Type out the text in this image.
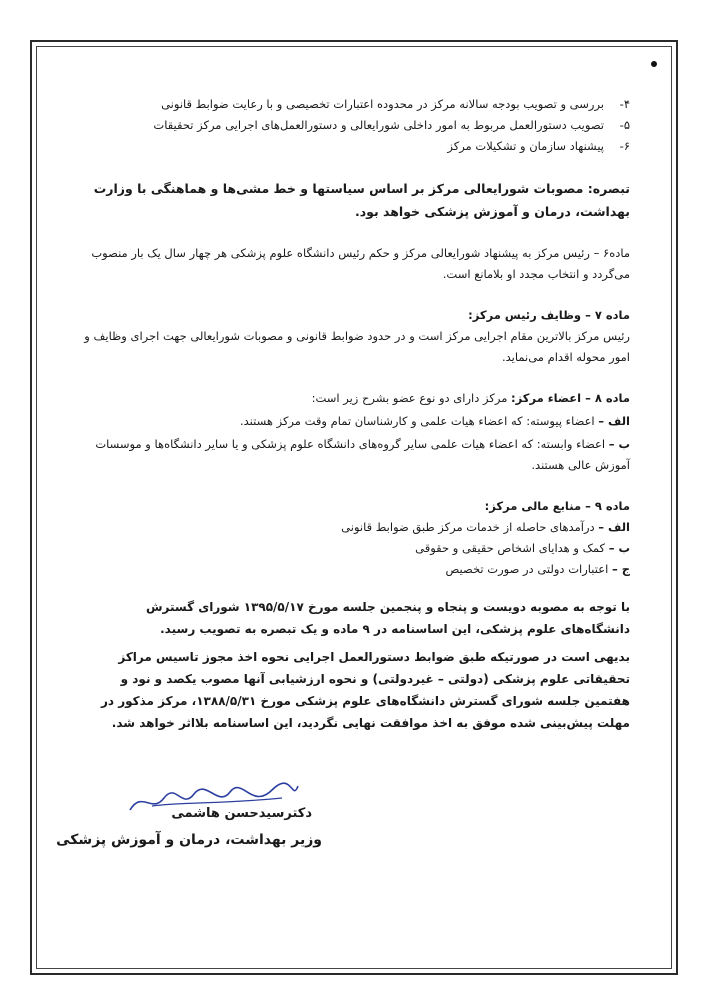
۴-
بررسی و تصویب بودجه سالانه مرکز در محدوده اعتبارات تخصیصی و با رعایت ضوابط قانونی
۵-
تصویب دستورالعمل مربوط به امور داخلی شورایعالی و دستورالعمل‌های اجرایی مرکز تحقیقات
۶-
پیشنهاد سازمان و تشکیلات مرکز
تبصره: مصوبات شورایعالی مرکز بر اساس سیاستها و خط مشی‌ها و هماهنگی با وزارت بهداشت، درمان و آموزش پزشکی خواهد بود.
ماده۶ – رئیس مرکز به پیشنهاد شورایعالی مرکز و حکم رئیس دانشگاه علوم پزشکی هر چهار سال یک بار منصوب می‌گردد و انتخاب مجدد او بلامانع است.
ماده ۷ – وظایف رئیس مرکز:
رئیس مرکز بالاترین مقام اجرایی مرکز است و در حدود ضوابط قانونی و مصوبات شورایعالی جهت اجرای وظایف و امور محوله اقدام می‌نماید.
ماده ۸ – اعضاء مرکز: مرکز دارای دو نوع عضو بشرح زیر است:
الف – اعضاء پیوسته: که اعضاء هیات علمی و کارشناسان تمام وقت مرکز هستند.
ب – اعضاء وابسته: که اعضاء هیات علمی سایر گروه‌های دانشگاه علوم پزشکی و یا سایر دانشگاه‌ها و موسسات آموزش عالی هستند.
ماده ۹ – منابع مالی مرکز:
الف – درآمدهای حاصله از خدمات مرکز طبق ضوابط قانونی
ب – کمک و هدایای اشخاص حقیقی و حقوقی
ج – اعتبارات دولتی در صورت تخصیص
با توجه به مصوبه دویست و پنجاه و پنجمین جلسه مورخ ۱۳۹۵/۵/۱۷ شورای گسترش دانشگاه‌های علوم پزشکی، این اساسنامه در ۹ ماده و یک تبصره به تصویب رسید.
بدیهی است در صورتیکه طبق ضوابط دستورالعمل اجرایی نحوه اخذ مجوز تاسیس مراکز تحقیقاتی علوم پزشکی (دولتی – غیردولتی) و نحوه ارزشیابی آنها مصوب یکصد و نود و هفتمین جلسه شورای گسترش دانشگاه‌های علوم پزشکی مورخ ۱۳۸۸/۵/۳۱، مرکز مذکور در مهلت پیش‌بینی شده موفق به اخذ موافقت نهایی نگردید، این اساسنامه بلااثر خواهد شد.
دکترسیدحسن هاشمی
وزیر بهداشت، درمان و آموزش پزشکی
